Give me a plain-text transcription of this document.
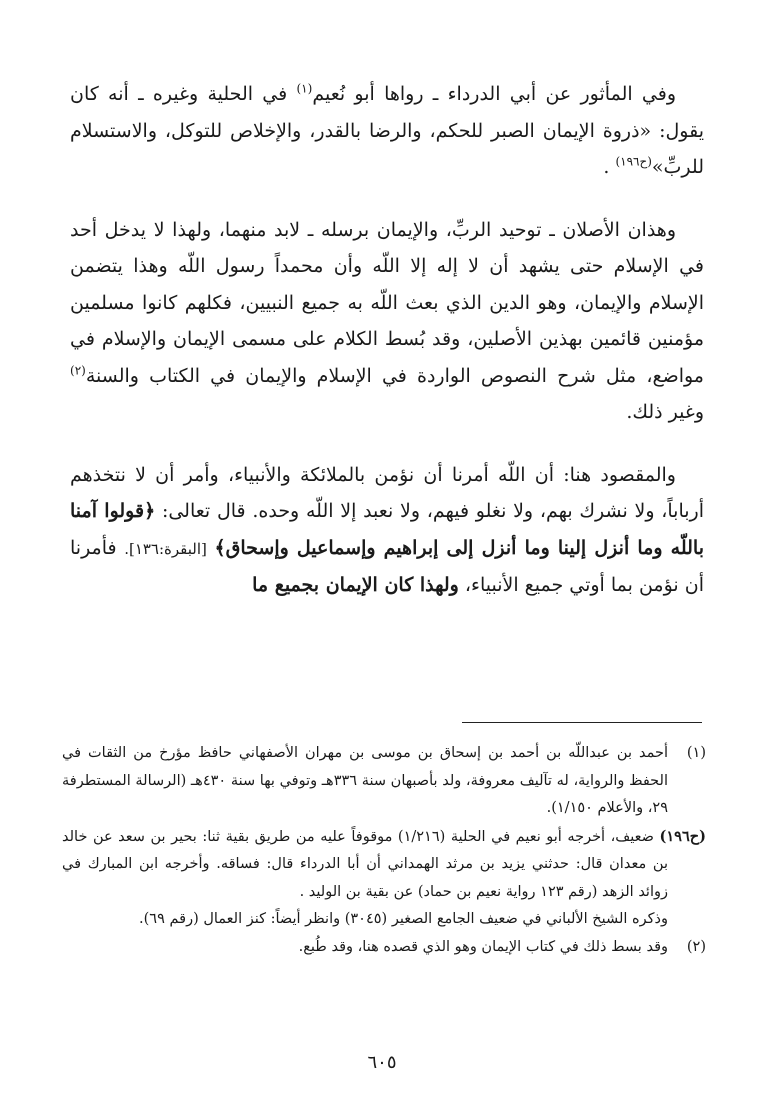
وفي المأثور عن أبي الدرداء ـ رواها أبو نُعيم$^{(١)}$ في الحلية وغيره ـ أنه كان يقول: «ذروة الإيمان الصبر للحكم، والرضا بالقدر، والإخلاص للتوكل، والاستسلام للربِّ»$^{(ح١٩٦)}$ .

وهذان الأصلان ـ توحيد الربِّ، والإيمان برسله ـ لابد منهما، ولهذا لا يدخل أحد في الإسلام حتى يشهد أن لا إله إلا اللّه وأن محمداً رسول اللّه وهذا يتضمن الإسلام والإيمان، وهو الدين الذي بعث اللّه به جميع النبيين، فكلهم كانوا مسلمين مؤمنين قائمين بهذين الأصلين، وقد بُسط الكلام على مسمى الإيمان والإسلام في مواضع، مثل شرح النصوص الواردة في الإسلام والإيمان في الكتاب والسنة$^{(٢)}$ وغير ذلك.

والمقصود هنا: أن اللّه أمرنا أن نؤمن بالملائكة والأنبياء، وأمر أن لا نتخذهم أرباباً، ولا نشرك بهم، ولا نغلو فيهم، ولا نعبد إلا اللّه وحده. قال تعالى: ﴿قولوا آمنا باللّه وما أنزل إلينا وما أنزل إلى إبراهيم وإسماعيل وإسحاق﴾ [البقرة:١٣٦]. فأمرنا أن نؤمن بما أوتي جميع الأنبياء، ولهذا كان الإيمان بجميع ما

(١)أحمد بن عبداللّه بن أحمد بن إسحاق بن موسى بن مهران الأصفهاني حافظ مؤرخ من الثقات في الحفظ والرواية، له تآليف معروفة، ولد بأصبهان سنة ٣٣٦هـ وتوفي بها سنة ٤٣٠هـ (الرسالة المستطرفة ٢٩، والأعلام ١/١٥٠).

(ح١٩٦)ضعيف، أخرجه أبو نعيم في الحلية (١/٢١٦) موقوفاً عليه من طريق بقية ثنا: بحير بن سعد عن خالد بن معدان قال: حدثني يزيد بن مرثد الهمداني أن أبا الدرداء قال: فساقه. وأخرجه ابن المبارك في زوائد الزهد (رقم ١٢٣ رواية نعيم بن حماد) عن بقية بن الوليد .

وذكره الشيخ الألباني في ضعيف الجامع الصغير (٣٠٤٥) وانظر أيضاً: كنز العمال (رقم ٦٩).

(٢)وقد بسط ذلك في كتاب الإيمان وهو الذي قصده هنا، وقد طُبع.

٦٠٥
